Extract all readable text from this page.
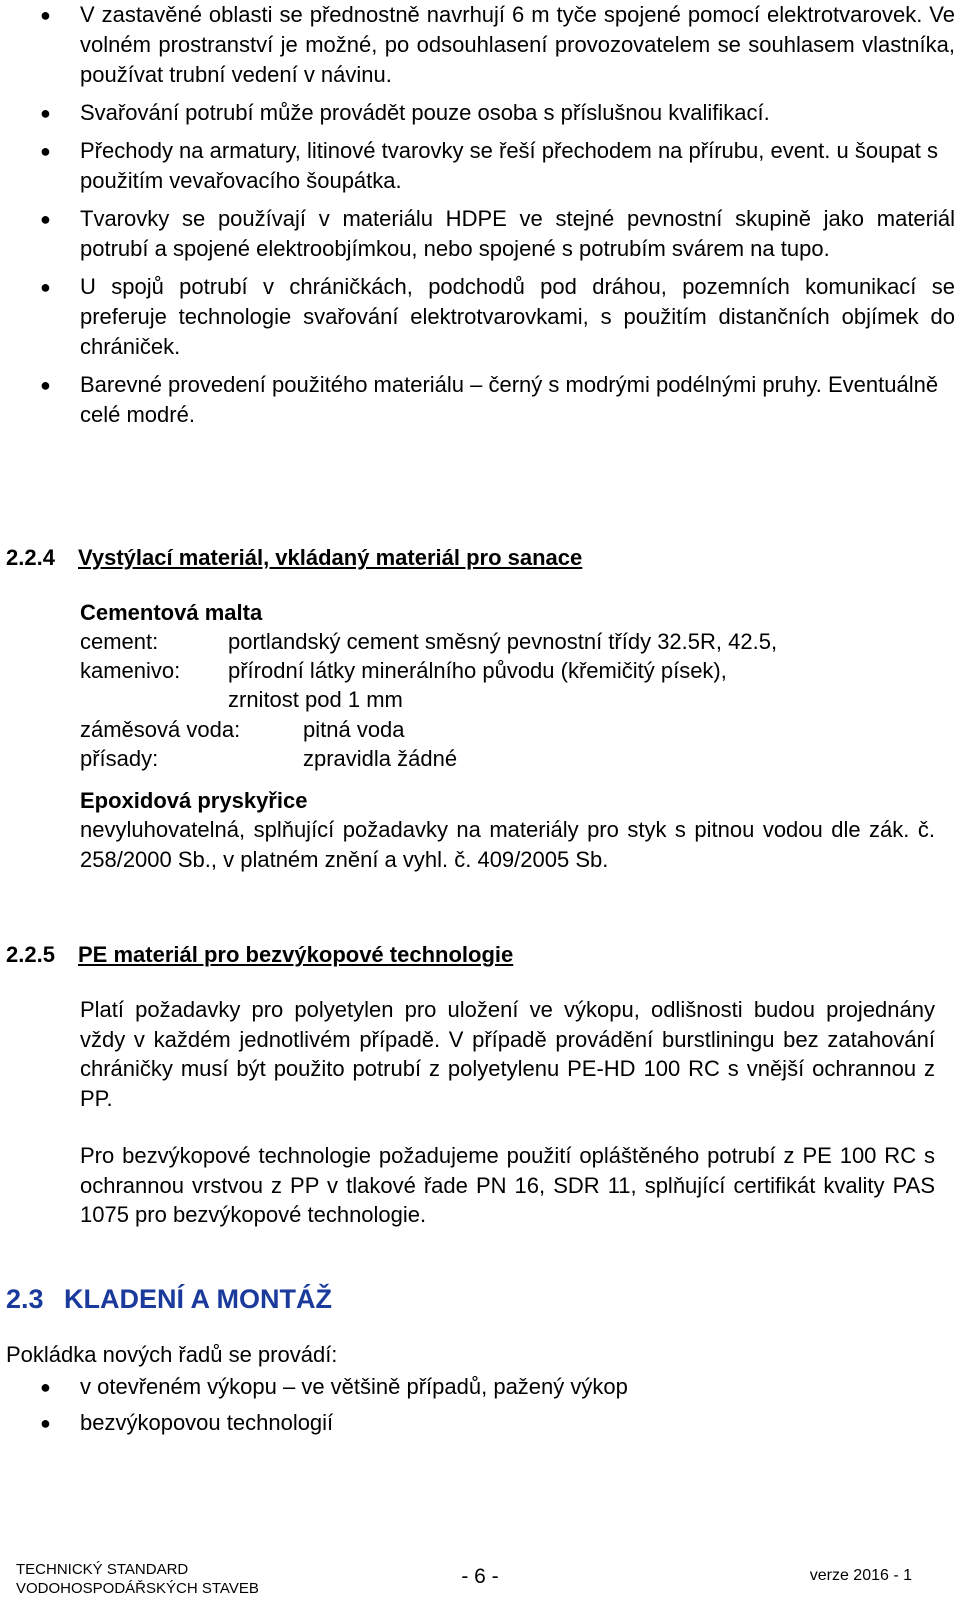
● V zastavěné oblasti se přednostně navrhují 6 m tyče spojené pomocí elektrotvarovek. Ve volném prostranství je možné, po odsouhlasení provozovatelem se souhlasem vlastníka, používat trubní vedení v návinu.
● Svařování potrubí může provádět pouze osoba s příslušnou kvalifikací.
● Přechody na armatury, litinové tvarovky se řeší přechodem na přírubu, event. u šoupat s použitím vevařovacího šoupátka.
● Tvarovky se používají v materiálu HDPE ve stejné pevnostní skupině jako materiál potrubí a spojené elektroobjímkou, nebo spojené s potrubím svárem na tupo.
● U spojů potrubí v chráničkách, podchodů pod dráhou, pozemních komunikací se preferuje technologie svařování elektrotvarovkami, s použitím distančních objímek do chrániček.
● Barevné provedení použitého materiálu – černý s modrými podélnými pruhy. Eventuálně celé modré.
2.2.4 Vystýlací materiál, vkládaný materiál pro sanace
Cementová malta
cement:	portlandský cement směsný pevnostní třídy 32.5R, 42.5,
kamenivo: přírodní látky minerálního původu (křemičitý písek),
zrnitost pod 1 mm
záměsová voda:	pitná voda
přísady:	zpravidla žádné
Epoxidová pryskyřice
nevyluhovatelná, splňující požadavky na materiály pro styk s pitnou vodou dle zák. č. 258/2000 Sb., v platném znění a vyhl. č. 409/2005 Sb.
2.2.5 PE materiál pro bezvýkopové technologie
Platí požadavky pro polyetylen pro uložení ve výkopu, odlišnosti budou projednány vždy v každém jednotlivém případě. V případě provádění burstliningu bez zatahování chráničky musí být použito potrubí z polyetylenu PE-HD 100 RC s vnější ochrannou z PP.
Pro bezvýkopové technologie požadujeme použití opláštěného potrubí z PE 100 RC s ochrannou vrstvou z PP v tlakové řade PN 16, SDR 11, splňující certifikát kvality PAS 1075 pro bezvýkopové technologie.
2.3 KLADENÍ A MONTÁŽ
Pokládka nových řadů se provádí:
● v otevřeném výkopu – ve většině případů, pažený výkop
● bezvýkopovou technologií
TECHNICKÝ STANDARD
VODOHOSPODÁŘSKÝCH STAVEB
- 6 -	verze 2016 - 1
